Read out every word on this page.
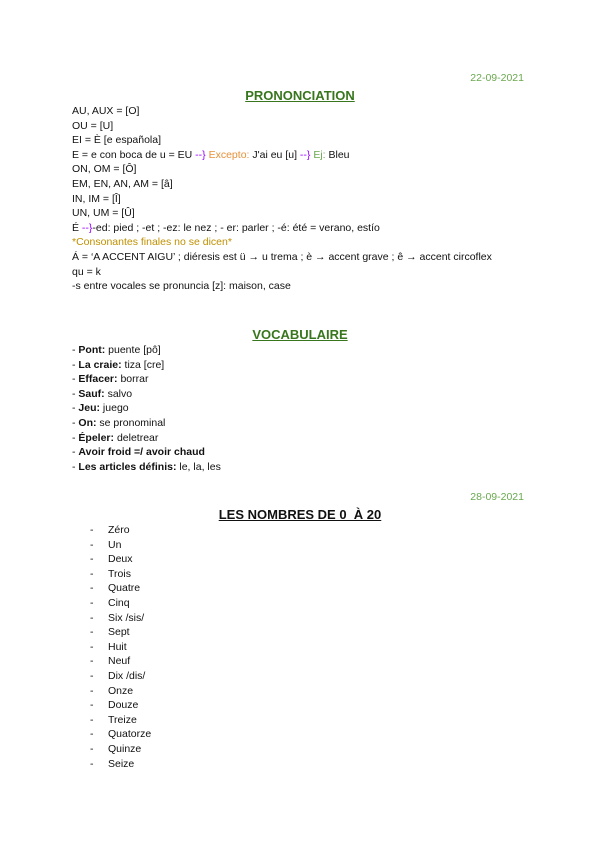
22-09-2021
PRONONCIATION
AU, AUX = [O]
OU = [U]
EI = È [e española]
E = e con boca de u = EU --} Excepto: J'ai eu [u] --} Ej: Bleu
ON, OM = [Ô]
EM, EN, AN, AM = [â]
IN, IM = [Î]
UN, UM = [Û]
É --}-ed: pied ; -et ; -ez: le nez ; - er: parler ; -é: été = verano, estío
*Consonantes finales no se dicen*
Á = ‘A ACCENT AIGU’ ; diéresis est ü → u trema ; è → accent grave ; ê → accent circoflex
qu = k
-s entre vocales se pronuncia [z]: maison, case
VOCABULAIRE
- Pont: puente [pô]
- La craie: tiza [cre]
- Effacer: borrar
- Sauf: salvo
- Jeu: juego
- On: se pronominal
- Épeler: deletrear
- Avoir froid =/ avoir chaud
- Les articles définis: le, la, les
28-09-2021
LES NOMBRES DE 0  À 20
-	Zéro
-	Un
-	Deux
-	Trois
-	Quatre
-	Cinq
-	Six /sis/
-	Sept
-	Huit
-	Neuf
-	Dix /dis/
-	Onze
-	Douze
-	Treize
-	Quatorze
-	Quinze
-	Seize
